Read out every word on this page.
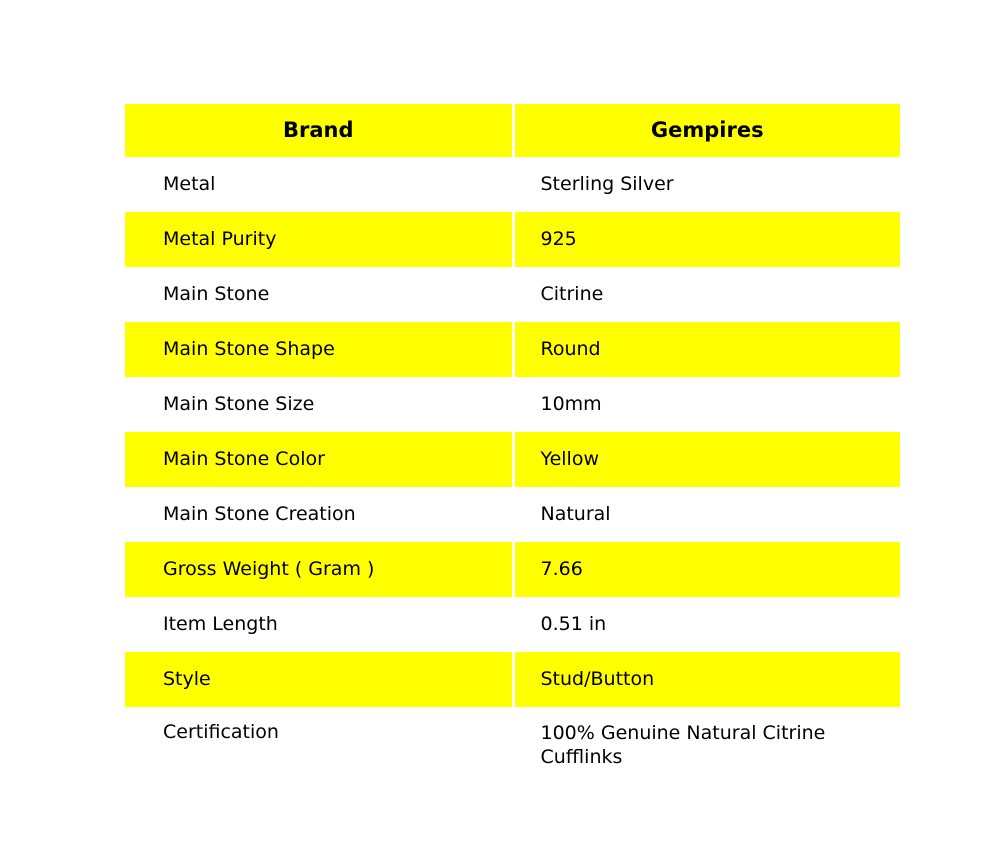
Brand	Gempires
Metal	Sterling Silver
Metal Purity	925
Main Stone	Citrine
Main Stone Shape	Round
Main Stone Size	10mm
Main Stone Color	Yellow
Main Stone Creation	Natural
Gross Weight ( Gram )	7.66
Item Length	0.51 in
Style	Stud/Button
Certification	100% Genuine Natural Citrine Cufflinks
